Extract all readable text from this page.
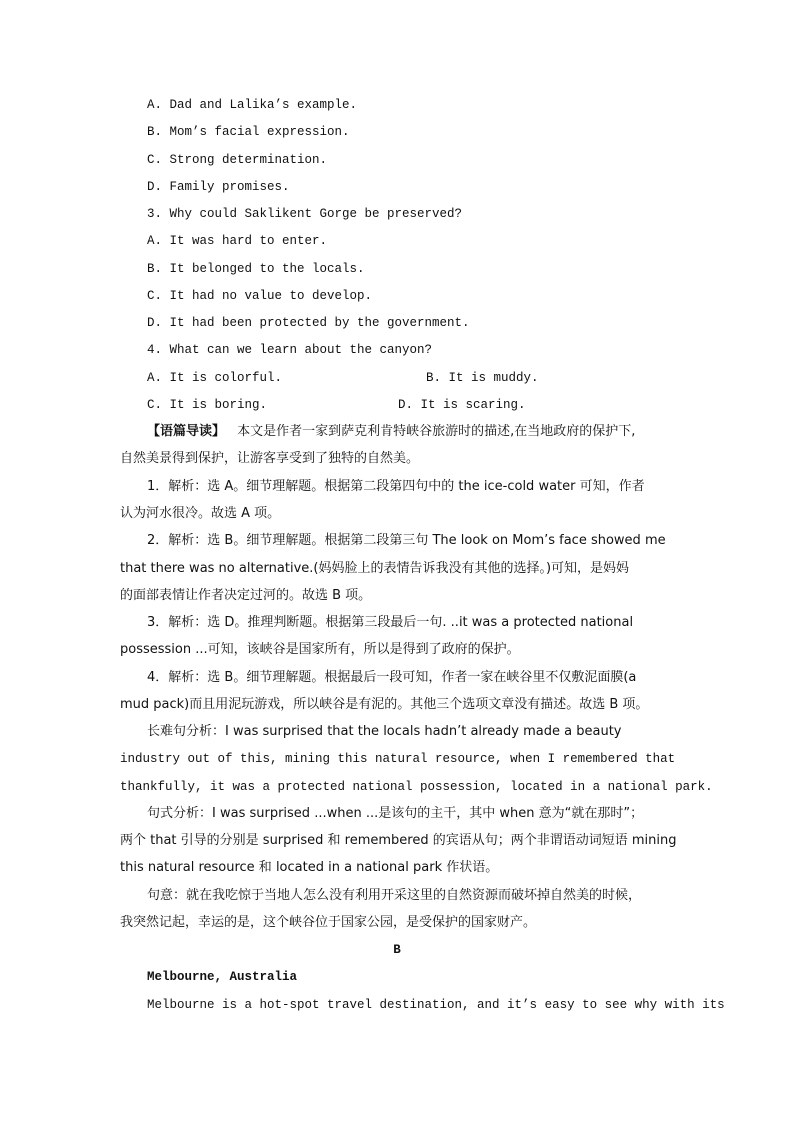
A. Dad and Lalika’s example.
B. Mom’s facial expression.
C. Strong determination.
D. Family promises.
3. Why could Saklikent Gorge be preserved?
A. It was hard to enter.
B. It belonged to the locals.
C. It had no value to develop.
D. It had been protected by the government.
4. What can we learn about the canyon?
A. It is colorful.	B. It is muddy.
C. It is boring.	D. It is scaring.
【语篇导读】 本文是作者一家到萨克利肯特峡谷旅游时的描述,在当地政府的保护下,
自然美景得到保护，让游客享受到了独特的自然美。
1．解析：选 A。细节理解题。根据第二段第四句中的 the ice-cold water 可知，作者
认为河水很冷。故选 A 项。
2．解析：选 B。细节理解题。根据第二段第三句 The look on Mom’s face showed me
that there was no alternative.(妈妈脸上的表情告诉我没有其他的选择。)可知，是妈妈
的面部表情让作者决定过河的。故选 B 项。
3．解析：选 D。推理判断题。根据第三段最后一句. ..it was a protected national
possession ...可知，该峡谷是国家所有，所以是得到了政府的保护。
4．解析：选 B。细节理解题。根据最后一段可知，作者一家在峡谷里不仅敷泥面膜(a
mud pack)而且用泥玩游戏，所以峡谷是有泥的。其他三个选项文章没有描述。故选 B 项。
长难句分析：I was surprised that the locals hadn’t already made a beauty
industry out of this, mining this natural resource, when I remembered that
thankfully, it was a protected national possession, located in a national park.
句式分析：I was surprised ...when ...是该句的主干，其中 when 意为“就在那时”；
两个 that 引导的分别是 surprised 和 remembered 的宾语从句；两个非谓语动词短语 mining
this natural resource 和 located in a national park 作状语。
句意：就在我吃惊于当地人怎么没有利用开采这里的自然资源而破坏掉自然美的时候，
我突然记起，幸运的是，这个峡谷位于国家公园，是受保护的国家财产。
B
Melbourne, Australia
Melbourne is a hot-spot travel destination, and it’s easy to see why with its
